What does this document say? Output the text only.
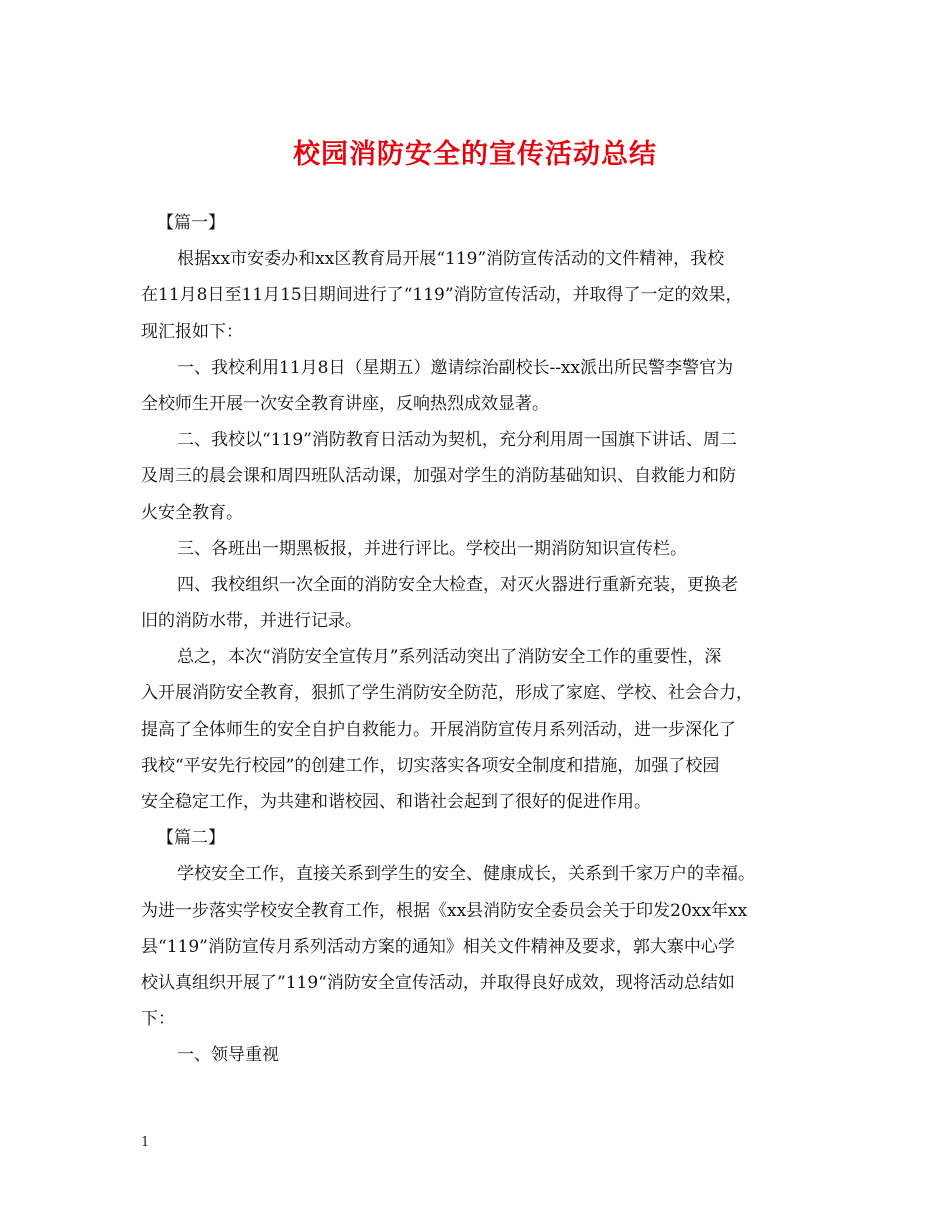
校园消防安全的宣传活动总结
【篇一】
根据xx市安委办和xx区教育局开展“119”消防宣传活动的文件精神，我校
在11月8日至11月15日期间进行了“119”消防宣传活动，并取得了一定的效果，
现汇报如下：
一、我校利用11月8日（星期五）邀请综治副校长--xx派出所民警李警官为
全校师生开展一次安全教育讲座，反响热烈成效显著。
二、我校以“119”消防教育日活动为契机，充分利用周一国旗下讲话、周二
及周三的晨会课和周四班队活动课，加强对学生的消防基础知识、自救能力和防
火安全教育。
三、各班出一期黑板报，并进行评比。学校出一期消防知识宣传栏。
四、我校组织一次全面的消防安全大检查，对灭火器进行重新充装，更换老
旧的消防水带，并进行记录。
总之，本次“消防安全宣传月”系列活动突出了消防安全工作的重要性，深
入开展消防安全教育，狠抓了学生消防安全防范，形成了家庭、学校、社会合力，
提高了全体师生的安全自护自救能力。开展消防宣传月系列活动，进一步深化了
我校“平安先行校园”的创建工作，切实落实各项安全制度和措施，加强了校园
安全稳定工作，为共建和谐校园、和谐社会起到了很好的促进作用。
【篇二】
学校安全工作，直接关系到学生的安全、健康成长，关系到千家万户的幸福。
为进一步落实学校安全教育工作，根据《xx县消防安全委员会关于印发20xx年xx
县“119”消防宣传月系列活动方案的通知》相关文件精神及要求，郭大寨中心学
校认真组织开展了”119“消防安全宣传活动，并取得良好成效，现将活动总结如
下：
一、领导重视
1
